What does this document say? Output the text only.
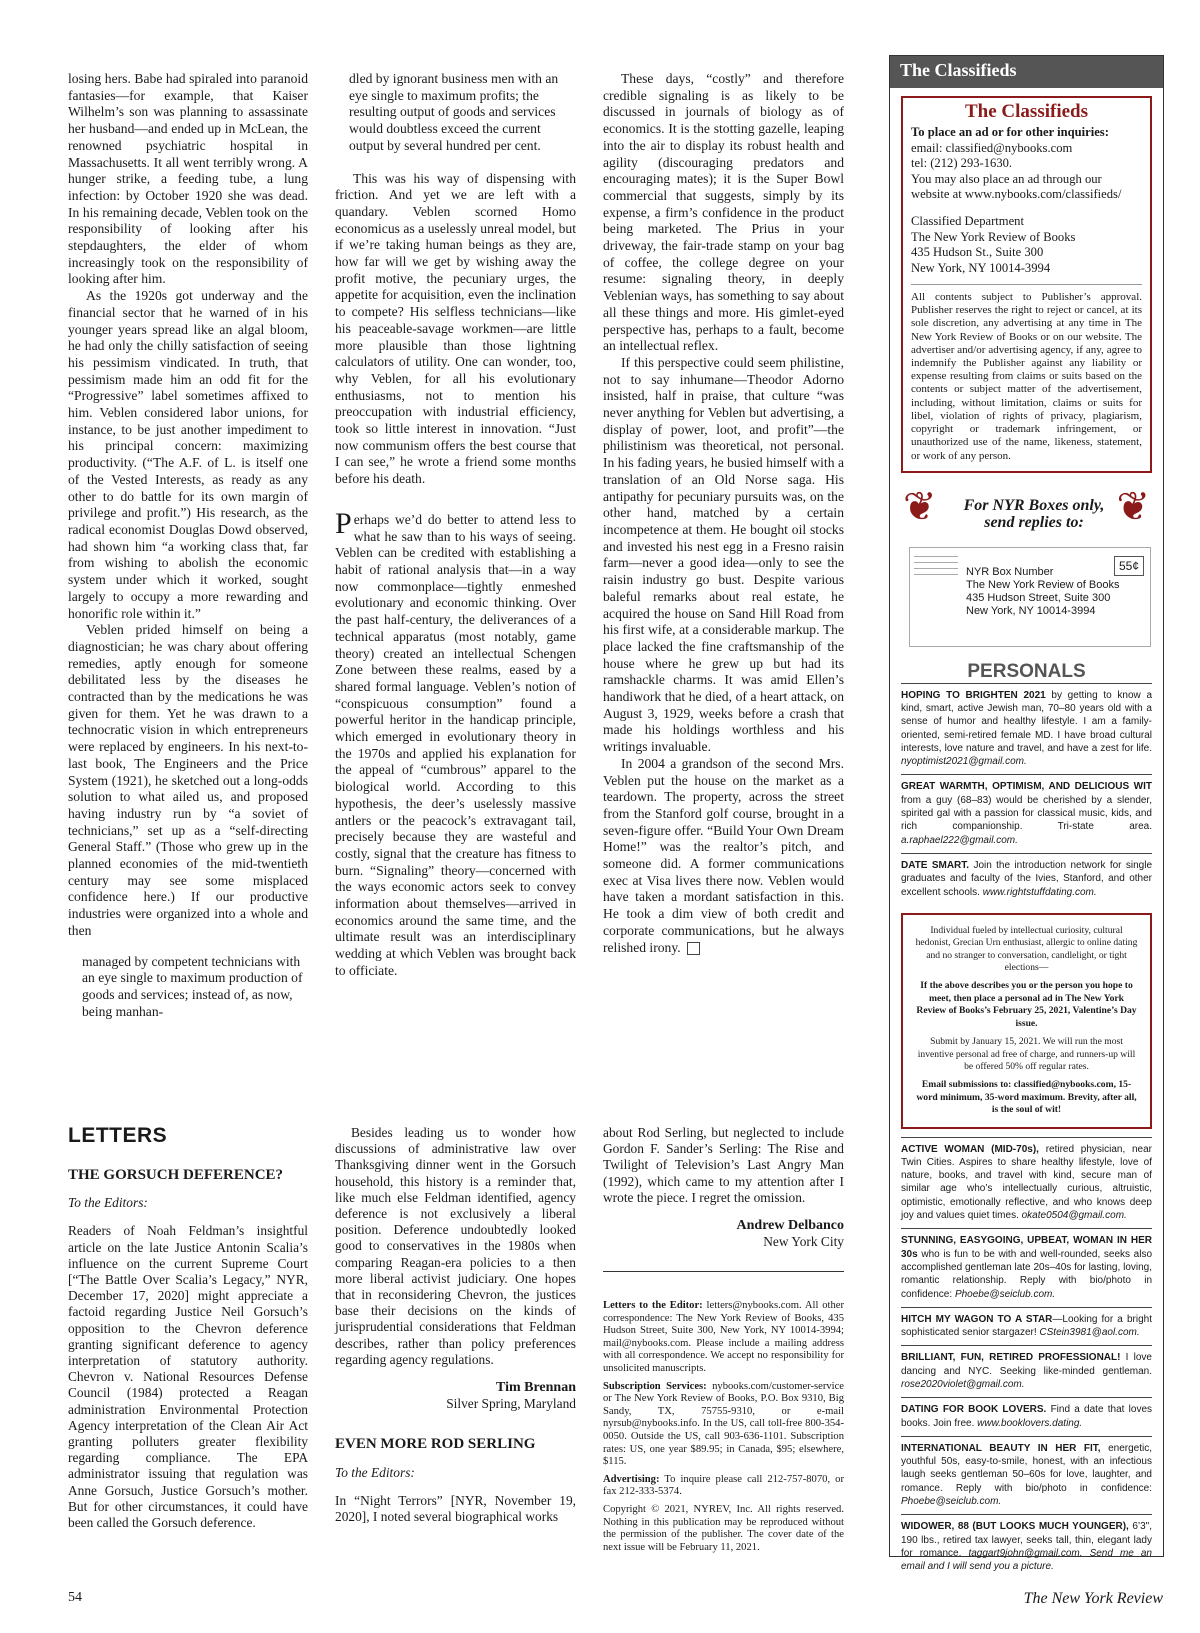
losing hers. Babe had spiraled into paranoid fantasies—for example, that Kaiser Wilhelm’s son was planning to assassinate her husband—and ended up in McLean, the renowned psychiatric hospital in Massachusetts. It all went terribly wrong. A hunger strike, a feeding tube, a lung infection: by October 1920 she was dead. In his remaining decade, Veblen took on the responsibility of looking after his stepdaughters, the elder of whom increasingly took on the responsibility of looking after him.

As the 1920s got underway and the financial sector that he warned of in his younger years spread like an algal bloom, he had only the chilly satisfaction of seeing his pessimism vindicated. In truth, that pessimism made him an odd fit for the “Progressive” label sometimes affixed to him. Veblen considered labor unions, for instance, to be just another impediment to his principal concern: maximizing productivity. (“The A.F. of L. is itself one of the Vested Interests, as ready as any other to do battle for its own margin of privilege and profit.”) His research, as the radical economist Douglas Dowd observed, had shown him “a working class that, far from wishing to abolish the economic system under which it worked, sought largely to occupy a more rewarding and honorific role within it.”

Veblen prided himself on being a diagnostician; he was chary about offering remedies, aptly enough for someone debilitated less by the diseases he contracted than by the medications he was given for them. Yet he was drawn to a technocratic vision in which entrepreneurs were replaced by engineers. In his next-to-last book, The Engineers and the Price System (1921), he sketched out a long-odds solution to what ailed us, and proposed having industry run by “a soviet of technicians,” set up as a “self-directing General Staff.” (Those who grew up in the planned economies of the mid-twentieth century may see some misplaced confidence here.) If our productive industries were organized into a whole and then

managed by competent technicians with an eye single to maximum production of goods and services; instead of, as now, being manhan-

dled by ignorant business men with an eye single to maximum profits; the resulting output of goods and services would doubtless exceed the current output by several hundred per cent.

This was his way of dispensing with friction. And yet we are left with a quandary. Veblen scorned Homo economicus as a uselessly unreal model, but if we’re taking human beings as they are, how far will we get by wishing away the profit motive, the pecuniary urges, the appetite for acquisition, even the inclination to compete? His selfless technicians—like his peaceable-savage workmen—are little more plausible than those lightning calculators of utility. One can wonder, too, why Veblen, for all his evolutionary enthusiasms, not to mention his preoccupation with industrial efficiency, took so little interest in innovation. “Just now communism offers the best course that I can see,” he wrote a friend some months before his death.

Perhaps we’d do better to attend less to what he saw than to his ways of seeing. Veblen can be credited with establishing a habit of rational analysis that—in a way now commonplace—tightly enmeshed evolutionary and economic thinking. Over the past half-century, the deliverances of a technical apparatus (most notably, game theory) created an intellectual Schengen Zone between these realms, eased by a shared formal language. Veblen’s notion of “conspicuous consumption” found a powerful heritor in the handicap principle, which emerged in evolutionary theory in the 1970s and applied his explanation for the appeal of “cumbrous” apparel to the biological world. According to this hypothesis, the deer’s uselessly massive antlers or the peacock’s extravagant tail, precisely because they are wasteful and costly, signal that the creature has fitness to burn. “Signaling” theory—concerned with the ways economic actors seek to convey information about themselves—arrived in economics around the same time, and the ultimate result was an interdisciplinary wedding at which Veblen was brought back to officiate.

These days, “costly” and therefore credible signaling is as likely to be discussed in journals of biology as of economics. It is the stotting gazelle, leaping into the air to display its robust health and agility (discouraging predators and encouraging mates); it is the Super Bowl commercial that suggests, simply by its expense, a firm’s confidence in the product being marketed. The Prius in your driveway, the fair-trade stamp on your bag of coffee, the college degree on your resume: signaling theory, in deeply Veblenian ways, has something to say about all these things and more. His gimlet-eyed perspective has, perhaps to a fault, become an intellectual reflex.

If this perspective could seem philistine, not to say inhumane—Theodor Adorno insisted, half in praise, that culture “was never anything for Veblen but advertising, a display of power, loot, and profit”—the philistinism was theoretical, not personal. In his fading years, he busied himself with a translation of an Old Norse saga. His antipathy for pecuniary pursuits was, on the other hand, matched by a certain incompetence at them. He bought oil stocks and invested his nest egg in a Fresno raisin farm—never a good idea—only to see the raisin industry go bust. Despite various baleful remarks about real estate, he acquired the house on Sand Hill Road from his first wife, at a considerable markup. The place lacked the fine craftsmanship of the house where he grew up but had its ramshackle charms. It was amid Ellen’s handiwork that he died, of a heart attack, on August 3, 1929, weeks before a crash that made his holdings worthless and his writings invaluable.

In 2004 a grandson of the second Mrs. Veblen put the house on the market as a teardown. The property, across the street from the Stanford golf course, brought in a seven-figure offer. “Build Your Own Dream Home!” was the realtor’s pitch, and someone did. A former communications exec at Visa lives there now. Veblen would have taken a mordant satisfaction in this. He took a dim view of both credit and corporate communications, but he always relished irony.

LETTERS

THE GORSUCH DEFERENCE?

To the Editors:

Readers of Noah Feldman’s insightful article on the late Justice Antonin Scalia’s influence on the current Supreme Court [“The Battle Over Scalia’s Legacy,” NYR, December 17, 2020] might appreciate a factoid regarding Justice Neil Gorsuch’s opposition to the Chevron deference granting significant deference to agency interpretation of statutory authority. Chevron v. National Resources Defense Council (1984) protected a Reagan administration Environmental Protection Agency interpretation of the Clean Air Act granting polluters greater flexibility regarding compliance. The EPA administrator issuing that regulation was Anne Gorsuch, Justice Gorsuch’s mother. But for other circumstances, it could have been called the Gorsuch deference.

Besides leading us to wonder how discussions of administrative law over Thanksgiving dinner went in the Gorsuch household, this history is a reminder that, like much else Feldman identified, agency deference is not exclusively a liberal position. Deference undoubtedly looked good to conservatives in the 1980s when comparing Reagan-era policies to a then more liberal activist judiciary. One hopes that in reconsidering Chevron, the justices base their decisions on the kinds of jurisprudential considerations that Feldman describes, rather than policy preferences regarding agency regulations.

Tim Brennan
Silver Spring, Maryland

EVEN MORE ROD SERLING

To the Editors:

In “Night Terrors” [NYR, November 19, 2020], I noted several biographical works

about Rod Serling, but neglected to include Gordon F. Sander’s Serling: The Rise and Twilight of Television’s Last Angry Man (1992), which came to my attention after I wrote the piece. I regret the omission.

Andrew Delbanco
New York City

Letters to the Editor: letters@nybooks.com. All other correspondence: The New York Review of Books, 435 Hudson Street, Suite 300, New York, NY 10014-3994; mail@nybooks.com. Please include a mailing address with all correspondence. We accept no responsibility for unsolicited manuscripts.

Subscription Services: nybooks.com/customer-service or The New York Review of Books, P.O. Box 9310, Big Sandy, TX, 75755-9310, or e-mail nyrsub@nybooks.info. In the US, call toll-free 800-354-0050. Outside the US, call 903-636-1101. Subscription rates: US, one year $89.95; in Canada, $95; elsewhere, $115.

Advertising: To inquire please call 212-757-8070, or fax 212-333-5374.

Copyright © 2021, NYREV, Inc. All rights reserved. Nothing in this publication may be reproduced without the permission of the publisher. The cover date of the next issue will be February 11, 2021.

The Classifieds
The Classifieds
To place an ad or for other inquiries:
email: classified@nybooks.com
tel: (212) 293-1630.
You may also place an ad through our website at www.nybooks.com/classifieds/
Classified Department
The New York Review of Books
435 Hudson St., Suite 300
New York, NY 10014-3994
All contents subject to Publisher’s approval. Publisher reserves the right to reject or cancel, at its sole discretion, any advertising at any time in The New York Review of Books or on our website. The advertiser and/or advertising agency, if any, agree to indemnify the Publisher against any liability or expense resulting from claims or suits based on the contents or subject matter of the advertisement, including, without limitation, claims or suits for libel, violation of rights of privacy, plagiarism, copyright or trademark infringement, or unauthorized use of the name, likeness, statement, or work of any person.
❦	❦
For NYR Boxes only, send replies to:
NYR Box Number
The New York Review of Books
435 Hudson Street, Suite 300
New York, NY 10014-3994
55¢
PERSONALS
HOPING TO BRIGHTEN 2021 by getting to know a kind, smart, active Jewish man, 70–80 years old with a sense of humor and healthy lifestyle. I am a family-oriented, semi-retired female MD. I have broad cultural interests, love nature and travel, and have a zest for life. nyoptimist2021@gmail.com.
GREAT WARMTH, OPTIMISM, AND DELICIOUS WIT from a guy (68–83) would be cherished by a slender, spirited gal with a passion for classical music, kids, and rich companionship. Tri-state area. a.raphael222@gmail.com.
DATE SMART. Join the introduction network for single graduates and faculty of the Ivies, Stanford, and other excellent schools. www.rightstuffdating.com.

Individual fueled by intellectual curiosity, cultural hedonist, Grecian Urn enthusiast, allergic to online dating and no stranger to conversation, candlelight, or tight elections—

If the above describes you or the person you hope to meet, then place a personal ad in The New York Review of Books’s February 25, 2021, Valentine’s Day issue.

Submit by January 15, 2021. We will run the most inventive personal ad free of charge, and runners-up will be offered 50% off regular rates.

Email submissions to: classified@nybooks.com, 15-word minimum, 35-word maximum. Brevity, after all, is the soul of wit!

ACTIVE WOMAN (MID-70s), retired physician, near Twin Cities. Aspires to share healthy lifestyle, love of nature, books, and travel with kind, secure man of similar age who’s intellectually curious, altruistic, optimistic, emotionally reflective, and who knows deep joy and values quiet times. okate0504@gmail.com.
STUNNING, EASYGOING, UPBEAT, WOMAN IN HER 30s who is fun to be with and well-rounded, seeks also accomplished gentleman late 20s–40s for lasting, loving, romantic relationship. Reply with bio/photo in confidence: Phoebe@seiclub.com.
HITCH MY WAGON TO A STAR—Looking for a bright sophisticated senior stargazer! CStein3981@aol.com.
BRILLIANT, FUN, RETIRED PROFESSIONAL! I love dancing and NYC. Seeking like-minded gentleman. rose2020violet@gmail.com.
DATING FOR BOOK LOVERS. Find a date that loves books. Join free. www.booklovers.dating.
INTERNATIONAL BEAUTY IN HER FIT, energetic, youthful 50s, easy-to-smile, honest, with an infectious laugh seeks gentleman 50–60s for love, laughter, and romance. Reply with bio/photo in confidence: Phoebe@seiclub.com.
WIDOWER, 88 (BUT LOOKS MUCH YOUNGER), 6’3", 190 lbs., retired tax lawyer, seeks tall, thin, elegant lady for romance. taggart9john@gmail.com. Send me an email and I will send you a picture.
54	The New York Review
